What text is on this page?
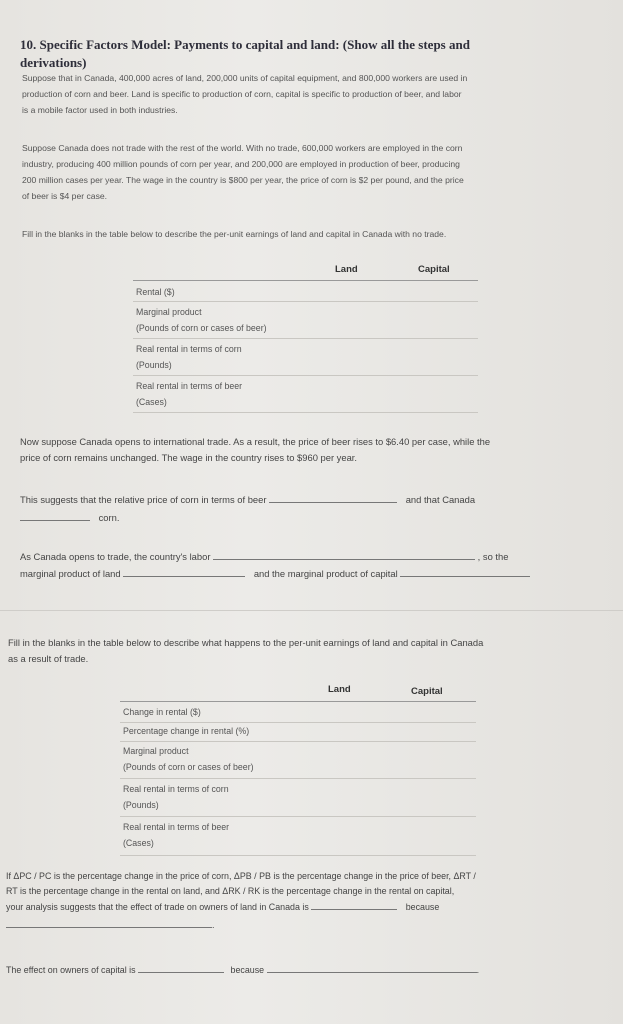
10. Specific Factors Model: Payments to capital and land: (Show all the steps and
derivations)
Suppose that in Canada, 400,000 acres of land, 200,000 units of capital equipment, and 800,000 workers are used in
production of corn and beer. Land is specific to production of corn, capital is specific to production of beer, and labor
is a mobile factor used in both industries.
Suppose Canada does not trade with the rest of the world. With no trade, 600,000 workers are employed in the corn
industry, producing 400 million pounds of corn per year, and 200,000 are employed in production of beer, producing
200 million cases per year. The wage in the country is $800 per year, the price of corn is $2 per pound, and the price
of beer is $4 per case.
Fill in the blanks in the table below to describe the per-unit earnings of land and capital in Canada with no trade.
Land	Capital
Rental ($)
Marginal product
(Pounds of corn or cases of beer)
Real rental in terms of corn
(Pounds)
Real rental in terms of beer
(Cases)
Now suppose Canada opens to international trade. As a result, the price of beer rises to $6.40 per case, while the
price of corn remains unchanged. The wage in the country rises to $960 per year.
This suggests that the relative price of corn in terms of beer	and that Canada
corn.
As Canada opens to trade, the country's labor	, so the
marginal product of land	and the marginal product of capital
Fill in the blanks in the table below to describe what happens to the per-unit earnings of land and capital in Canada
as a result of trade.
Land	Capital
Change in rental ($)
Percentage change in rental (%)
Marginal product
(Pounds of corn or cases of beer)
Real rental in terms of corn
(Pounds)
Real rental in terms of beer
(Cases)
If ΔPC / PC is the percentage change in the price of corn, ΔPB / PB is the percentage change in the price of beer, ΔRT /
RT is the percentage change in the rental on land, and ΔRK / RK is the percentage change in the rental on capital,
your analysis suggests that the effect of trade on owners of land in Canada is	because
.
The effect on owners of capital is	because	.
